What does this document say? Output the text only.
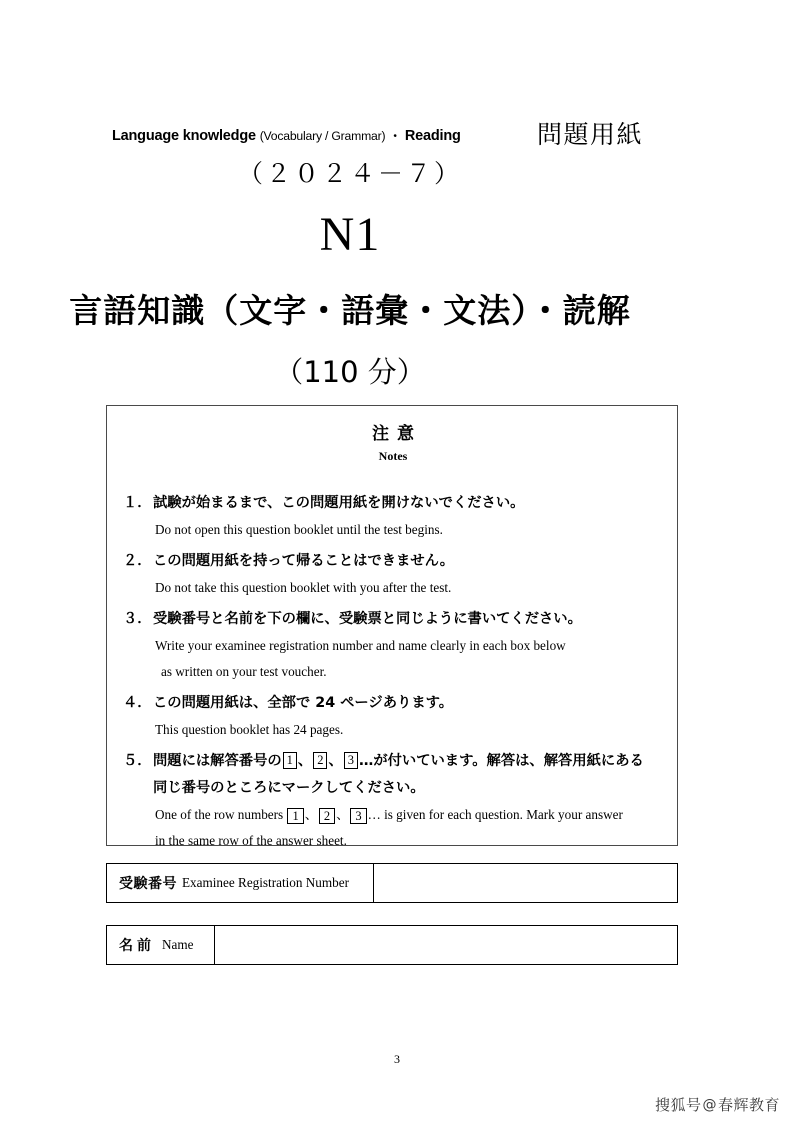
Language knowledge (Vocabulary / Grammar) ・ Reading	問題用紙
（２０２４－７）
N1
言語知識（文字・語彙・文法）・読解
（110 分）
注意
Notes
１． 試験が始まるまで、この問題用紙を開けないでください。
Do not open this question booklet until the test begins.
２． この問題用紙を持って帰ることはできません。
Do not take this question booklet with you after the test.
３． 受験番号と名前を下の欄に、受験票と同じように書いてください。
Write your examinee registration number and name clearly in each box below
as written on your test voucher.
４． この問題用紙は、全部で 24 ページあります。
This question booklet has 24 pages.
５． 問題には解答番号の 1 、 2 、 3 …が付いています。解答は、解答用紙にある
同じ番号のところにマークしてください。
One of the row numbers 1 、 2 、 3 … is given for each question. Mark your answer
in the same row of the answer sheet.
受験番号 Examinee Registration Number
名前 Name
3
搜狐号 @ 春辉教育
